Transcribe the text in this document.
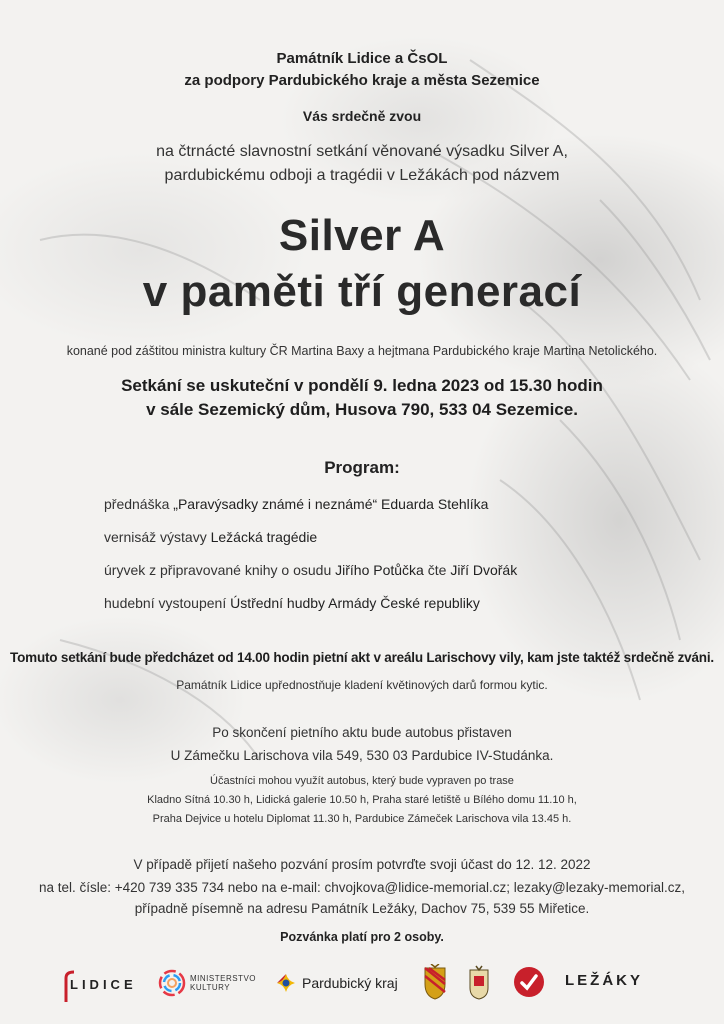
Památník Lidice a ČsOL
za podpory Pardubického kraje a města Sezemice
Vás srdečně zvou
na čtrnácté slavnostní setkání věnované výsadku Silver A,
pardubickému odboji a tragédii v Ležákách pod názvem
Silver A
v paměti tří generací
konané pod záštitou ministra kultury ČR Martina Baxy a hejtmana Pardubického kraje Martina Netolického.
Setkání se uskuteční v pondělí 9. ledna 2023 od 15.30 hodin
v sále Sezemický dům, Husova 790, 533 04 Sezemice.
Program:
přednáška „Paravýsadky známé i neznámé“ Eduarda Stehlíka
vernisáž výstavy Ležácká tragédie
úryvek z připravované knihy o osudu Jiřího Potůčka čte Jiří Dvořák
hudební vystoupení Ústřední hudby Armády České republiky
Tomuto setkání bude předcházet od 14.00 hodin pietní akt v areálu Larischovy vily, kam jste taktéž srdečně zváni.
Památník Lidice upřednostňuje kladení květinových darů formou kytic.
Po skončení pietního aktu bude autobus přistaven
U Zámečku Larischova vila 549, 530 03 Pardubice IV-Studánka.
Účastníci mohou využít autobus, který bude vypraven po trase
Kladno Sítná 10.30 h, Lidická galerie 10.50 h, Praha staré letiště u Bílého domu 11.10 h,
Praha Dejvice u hotelu Diplomat 11.30 h, Pardubice Zámeček Larischova vila 13.45 h.
V případě přijetí našeho pozvání prosím potvrďte svoji účast do 12. 12. 2022
na tel. čísle: +420 739 335 734 nebo na e-mail: chvojkova@lidice-memorial.cz; lezaky@lezaky-memorial.cz,
případně písemně na adresu Památník Ležáky, Dachov 75, 539 55 Miřetice.
Pozvánka platí pro 2 osoby.
LIDICE	MINISTERSTVO
KULTURY	Pardubický kraj	LEŽÁKY
